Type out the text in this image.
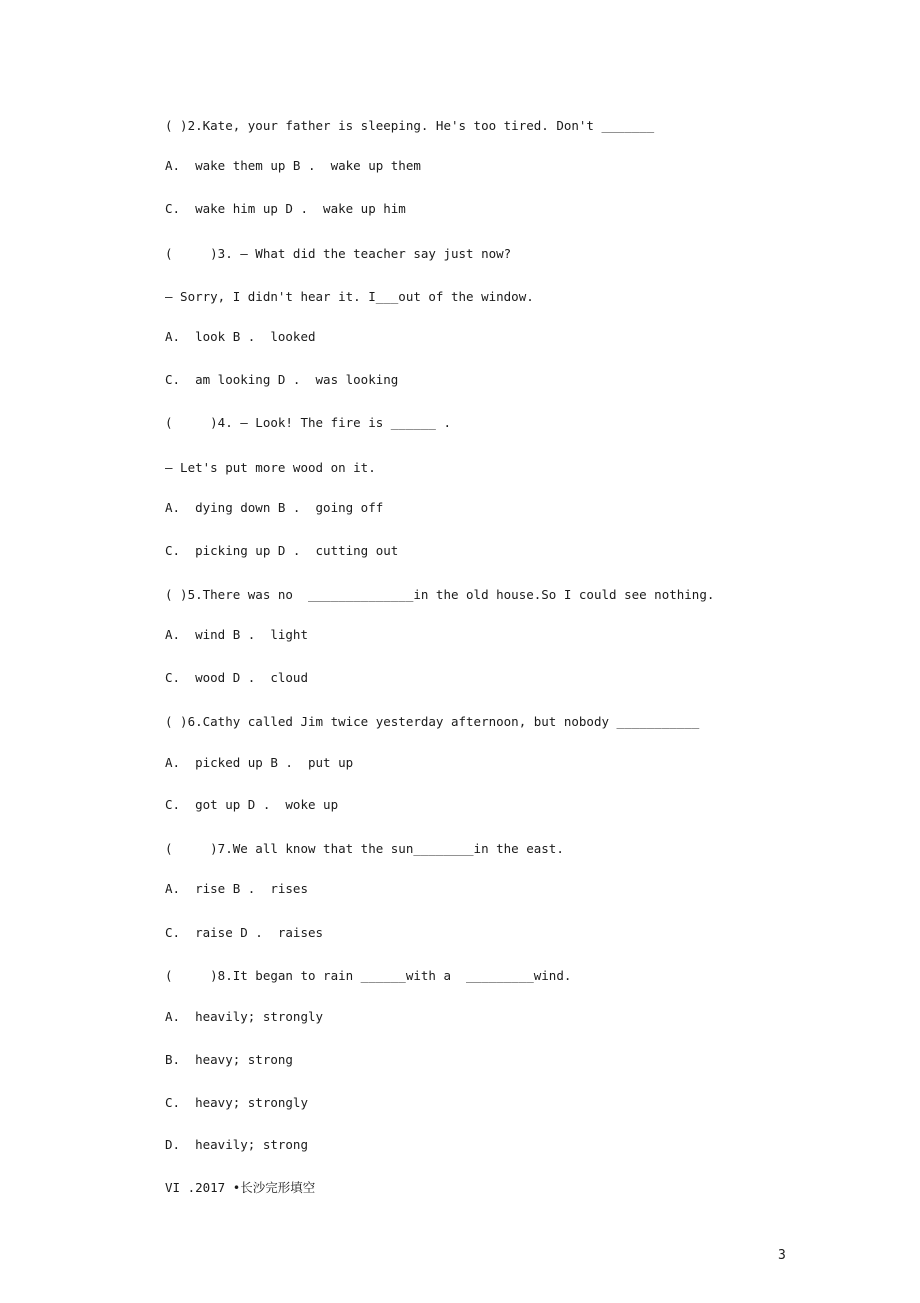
( )2.Kate, your father is sleeping. He's too tired. Don't _______
A.  wake them up B .  wake up them
C.  wake him up D .  wake up him
(     )3. — What did the teacher say just now?
— Sorry, I didn't hear it. I___out of the window.
A.  look B .  looked
C.  am looking D .  was looking
(     )4. — Look! The fire is ______ .
— Let's put more wood on it.
A.  dying down B .  going off
C.  picking up D .  cutting out
( )5.There was no  ______________in the old house.So I could see nothing.
A.  wind B .  light
C.  wood D .  cloud
( )6.Cathy called Jim twice yesterday afternoon, but nobody ___________
A.  picked up B .  put up
C.  got up D .  woke up
(     )7.We all know that the sun________in the east.
A.  rise B .  rises
C.  raise D .  raises
(     )8.It began to rain ______with a  _________wind.
A.  heavily; strongly
B.  heavy; strong
C.  heavy; strongly
D.  heavily; strong
VI .2017 •长沙完形填空
3
